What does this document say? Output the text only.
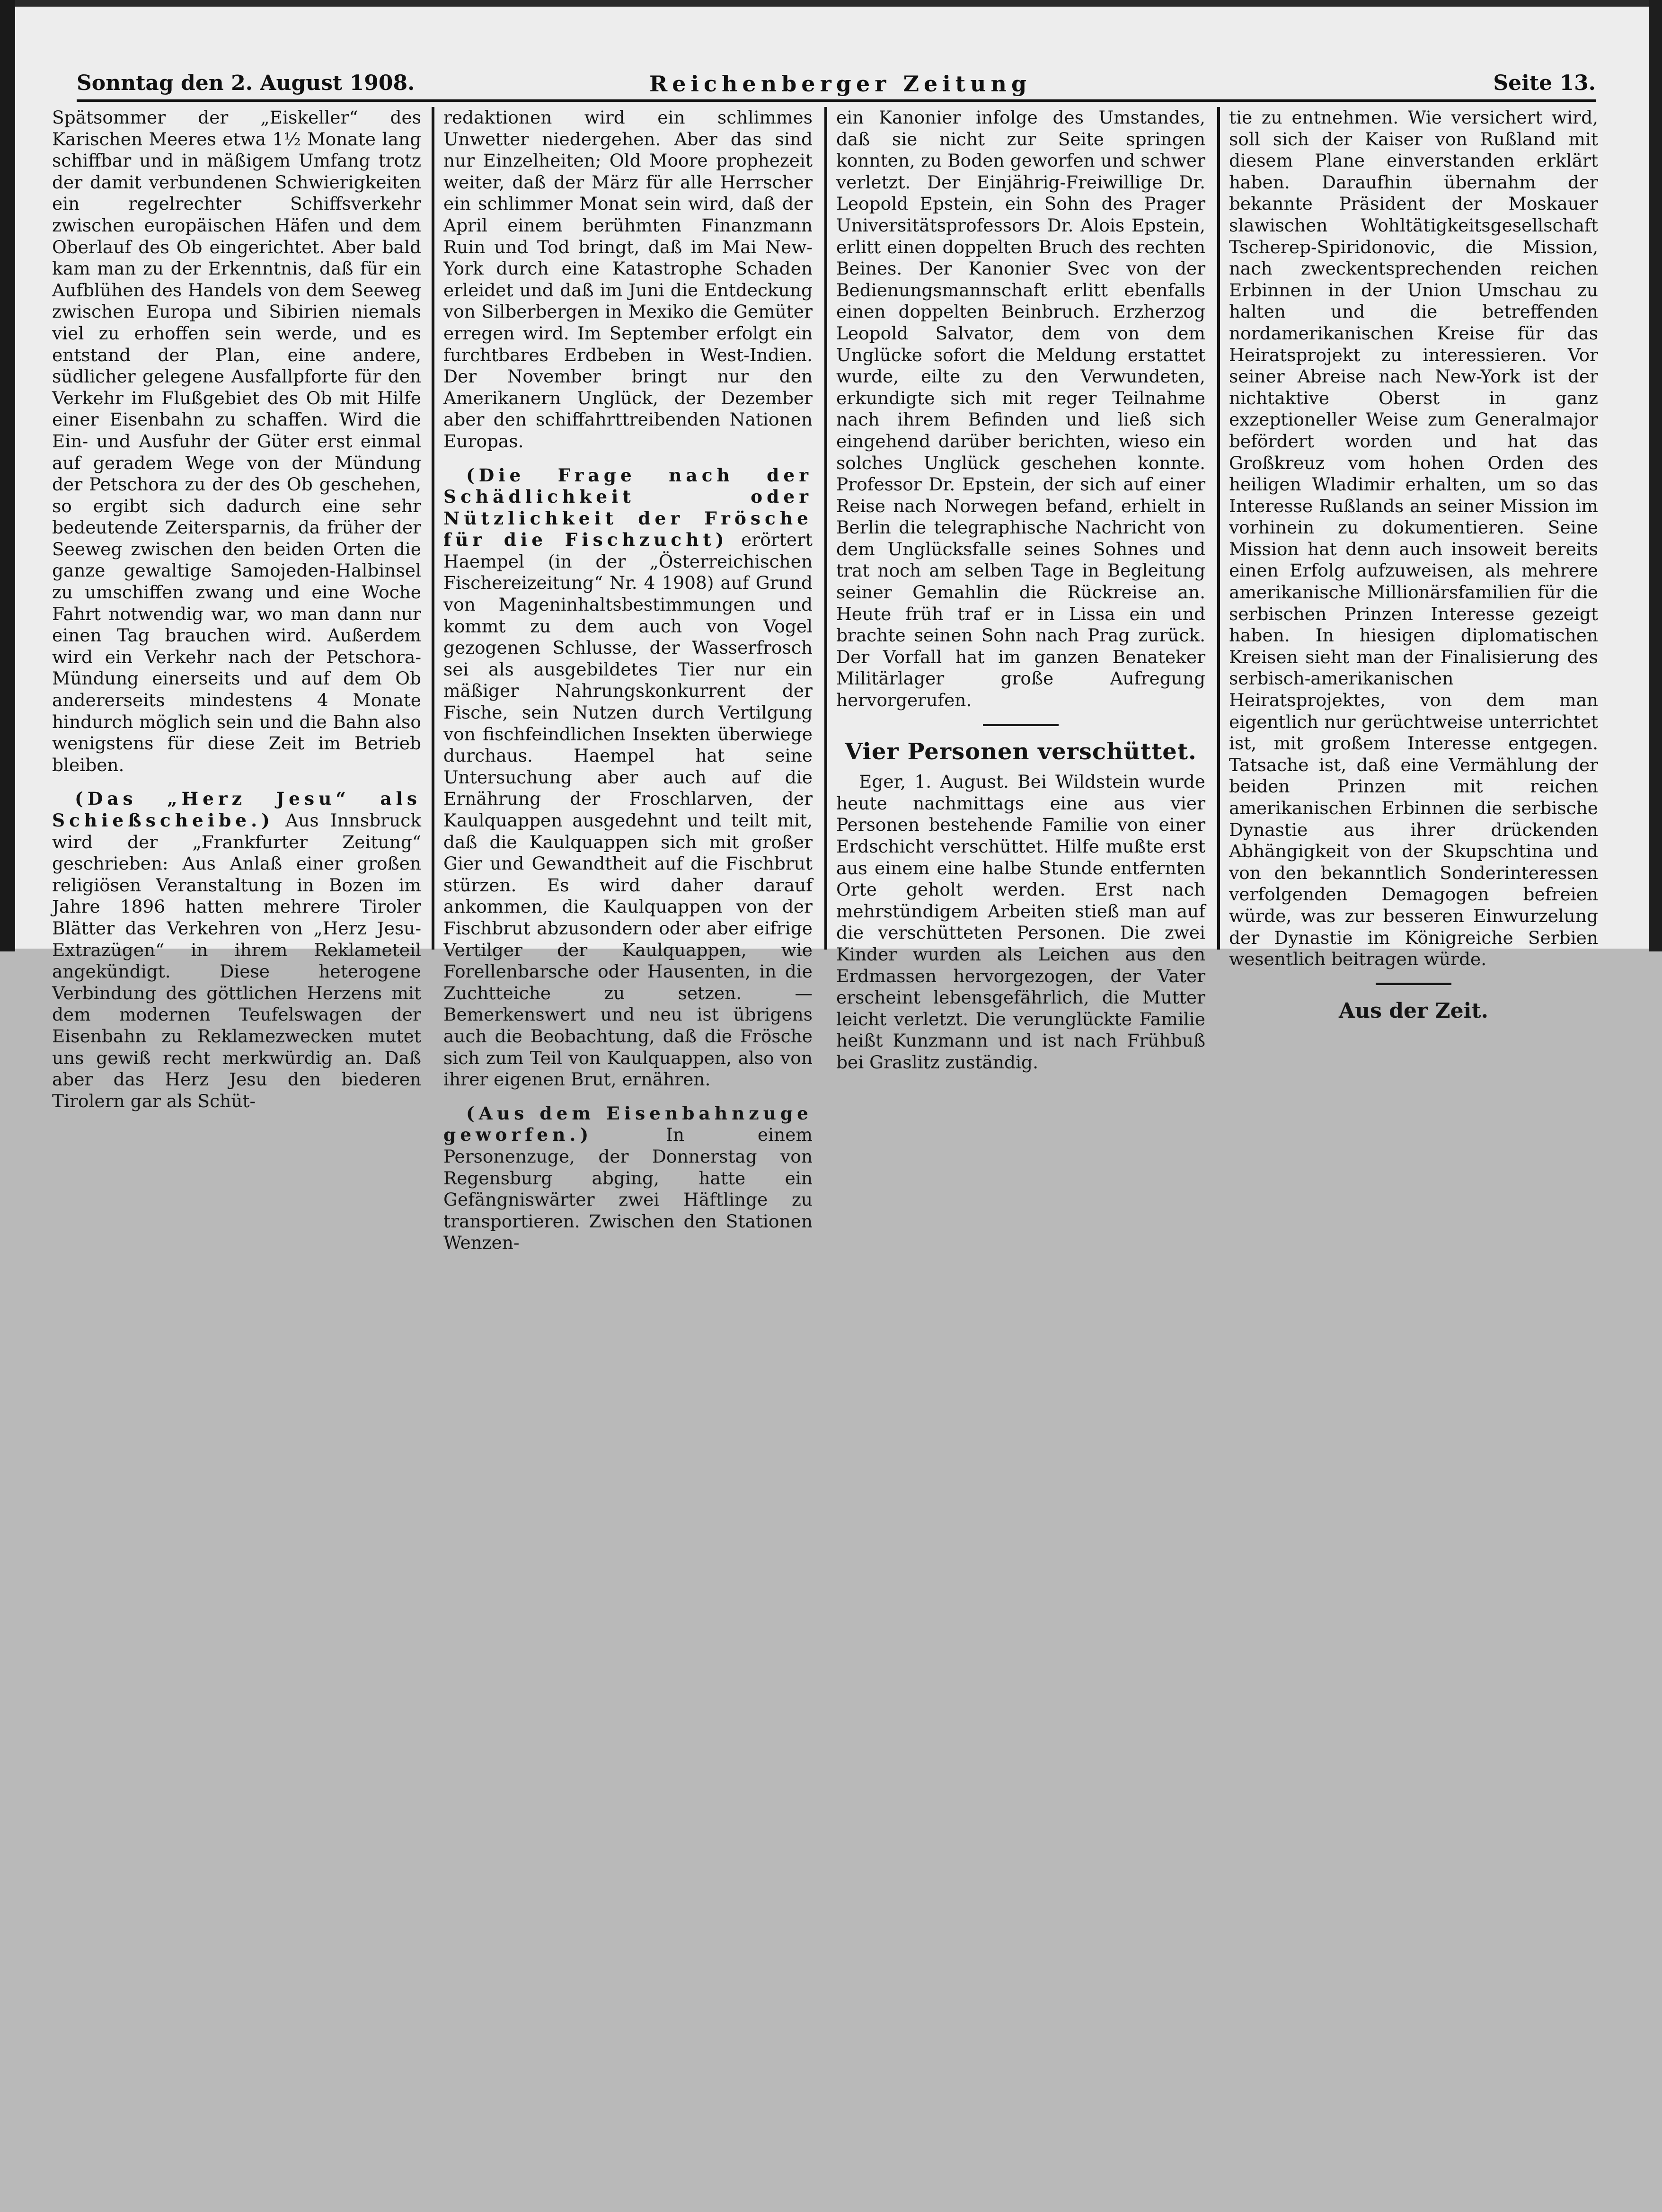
Sonntag den 2. August 1908.	Reichenberger Zeitung	Seite 13.

Spätsommer der „Eiskeller“ des Karischen Meeres etwa 1½ Monate lang schiffbar und in mäßigem Umfang trotz der damit verbundenen Schwierigkeiten ein regelrechter Schiffsverkehr zwischen europäischen Häfen und dem Oberlauf des Ob eingerichtet. Aber bald kam man zu der Erkenntnis, daß für ein Aufblühen des Handels von dem Seeweg zwischen Europa und Sibirien niemals viel zu erhoffen sein werde, und es entstand der Plan, eine andere, südlicher gelegene Ausfallpforte für den Verkehr im Flußgebiet des Ob mit Hilfe einer Eisenbahn zu schaffen. Wird die Ein- und Ausfuhr der Güter erst einmal auf geradem Wege von der Mündung der Petschora zu der des Ob geschehen, so ergibt sich dadurch eine sehr bedeutende Zeitersparnis, da früher der Seeweg zwischen den beiden Orten die ganze gewaltige Samojeden-Halbinsel zu umschiffen zwang und eine Woche Fahrt notwendig war, wo man dann nur einen Tag brauchen wird. Außerdem wird ein Verkehr nach der Petschora-Mündung einerseits und auf dem Ob andererseits mindestens 4 Monate hindurch möglich sein und die Bahn also wenigstens für diese Zeit im Betrieb bleiben.

(Das „Herz Jesu“ als Schießscheibe.) Aus Innsbruck wird der „Frankfurter Zeitung“ geschrieben: Aus Anlaß einer großen religiösen Veranstaltung in Bozen im Jahre 1896 hatten mehrere Tiroler Blätter das Verkehren von „Herz Jesu-Extrazügen“ in ihrem Reklameteil angekündigt. Diese heterogene Verbindung des göttlichen Herzens mit dem modernen Teufelswagen der Eisenbahn zu Reklamezwecken mutet uns gewiß recht merkwürdig an. Daß aber das Herz Jesu den biederen Tirolern gar als Schüt-

redaktionen wird ein schlimmes Unwetter niedergehen. Aber das sind nur Einzelheiten; Old Moore prophezeit weiter, daß der März für alle Herrscher ein schlimmer Monat sein wird, daß der April einem berühmten Finanzmann Ruin und Tod bringt, daß im Mai New-York durch eine Katastrophe Schaden erleidet und daß im Juni die Entdeckung von Silberbergen in Mexiko die Gemüter erregen wird. Im September erfolgt ein furchtbares Erdbeben in West-Indien. Der November bringt nur den Amerikanern Unglück, der Dezember aber den schiffahrttreibenden Nationen Europas.

(Die Frage nach der Schädlichkeit oder Nützlichkeit der Frösche für die Fischzucht) erörtert Haempel (in der „Österreichischen Fischereizeitung“ Nr. 4 1908) auf Grund von Mageninhaltsbestimmungen und kommt zu dem auch von Vogel gezogenen Schlusse, der Wasserfrosch sei als ausgebildetes Tier nur ein mäßiger Nahrungskonkurrent der Fische, sein Nutzen durch Vertilgung von fischfeindlichen Insekten überwiege durchaus. Haempel hat seine Untersuchung aber auch auf die Ernährung der Froschlarven, der Kaulquappen ausgedehnt und teilt mit, daß die Kaulquappen sich mit großer Gier und Gewandtheit auf die Fischbrut stürzen. Es wird daher darauf ankommen, die Kaulquappen von der Fischbrut abzusondern oder aber eifrige Vertilger der Kaulquappen, wie Forellenbarsche oder Hausenten, in die Zuchtteiche zu setzen. — Bemerkenswert und neu ist übrigens auch die Beobachtung, daß die Frösche sich zum Teil von Kaulquappen, also von ihrer eigenen Brut, ernähren.

(Aus dem Eisenbahnzuge geworfen.) In einem Personenzuge, der Donnerstag von Regensburg abging, hatte ein Gefängniswärter zwei Häftlinge zu transportieren. Zwischen den Stationen Wenzen-

ein Kanonier infolge des Umstandes, daß sie nicht zur Seite springen konnten, zu Boden geworfen und schwer verletzt. Der Einjährig-Freiwillige Dr. Leopold Epstein, ein Sohn des Prager Universitätsprofessors Dr. Alois Epstein, erlitt einen doppelten Bruch des rechten Beines. Der Kanonier Svec von der Bedienungsmannschaft erlitt ebenfalls einen doppelten Beinbruch. Erzherzog Leopold Salvator, dem von dem Unglücke sofort die Meldung erstattet wurde, eilte zu den Verwundeten, erkundigte sich mit reger Teilnahme nach ihrem Befinden und ließ sich eingehend darüber berichten, wieso ein solches Unglück geschehen konnte. Professor Dr. Epstein, der sich auf einer Reise nach Norwegen befand, erhielt in Berlin die telegraphische Nachricht von dem Unglücksfalle seines Sohnes und trat noch am selben Tage in Begleitung seiner Gemahlin die Rückreise an. Heute früh traf er in Lissa ein und brachte seinen Sohn nach Prag zurück. Der Vorfall hat im ganzen Benateker Militärlager große Aufregung hervorgerufen.

Vier Personen verschüttet.

Eger, 1. August. Bei Wildstein wurde heute nachmittags eine aus vier Personen bestehende Familie von einer Erdschicht verschüttet. Hilfe mußte erst aus einem eine halbe Stunde entfernten Orte geholt werden. Erst nach mehrstündigem Arbeiten stieß man auf die verschütteten Personen. Die zwei Kinder wurden als Leichen aus den Erdmassen hervorgezogen, der Vater erscheint lebensgefährlich, die Mutter leicht verletzt. Die verunglückte Familie heißt Kunzmann und ist nach Frühbuß bei Graslitz zuständig.

tie zu entnehmen. Wie versichert wird, soll sich der Kaiser von Rußland mit diesem Plane einverstanden erklärt haben. Daraufhin übernahm der bekannte Präsident der Moskauer slawischen Wohltätigkeitsgesellschaft Tscherep-Spiridonovic, die Mission, nach zweckentsprechenden reichen Erbinnen in der Union Umschau zu halten und die betreffenden nordamerikanischen Kreise für das Heiratsprojekt zu interessieren. Vor seiner Abreise nach New-York ist der nichtaktive Oberst in ganz exzeptioneller Weise zum Generalmajor befördert worden und hat das Großkreuz vom hohen Orden des heiligen Wladimir erhalten, um so das Interesse Rußlands an seiner Mission im vorhinein zu dokumentieren. Seine Mission hat denn auch insoweit bereits einen Erfolg aufzuweisen, als mehrere amerikanische Millionärsfamilien für die serbischen Prinzen Interesse gezeigt haben. In hiesigen diplomatischen Kreisen sieht man der Finalisierung des serbisch-amerikanischen Heiratsprojektes, von dem man eigentlich nur gerüchtweise unterrichtet ist, mit großem Interesse entgegen. Tatsache ist, daß eine Vermählung der beiden Prinzen mit reichen amerikanischen Erbinnen die serbische Dynastie aus ihrer drückenden Abhängigkeit von der Skupschtina und von den bekanntlich Sonderinteressen verfolgenden Demagogen befreien würde, was zur besseren Einwurzelung der Dynastie im Königreiche Serbien wesentlich beitragen würde.

Aus der Zeit.
